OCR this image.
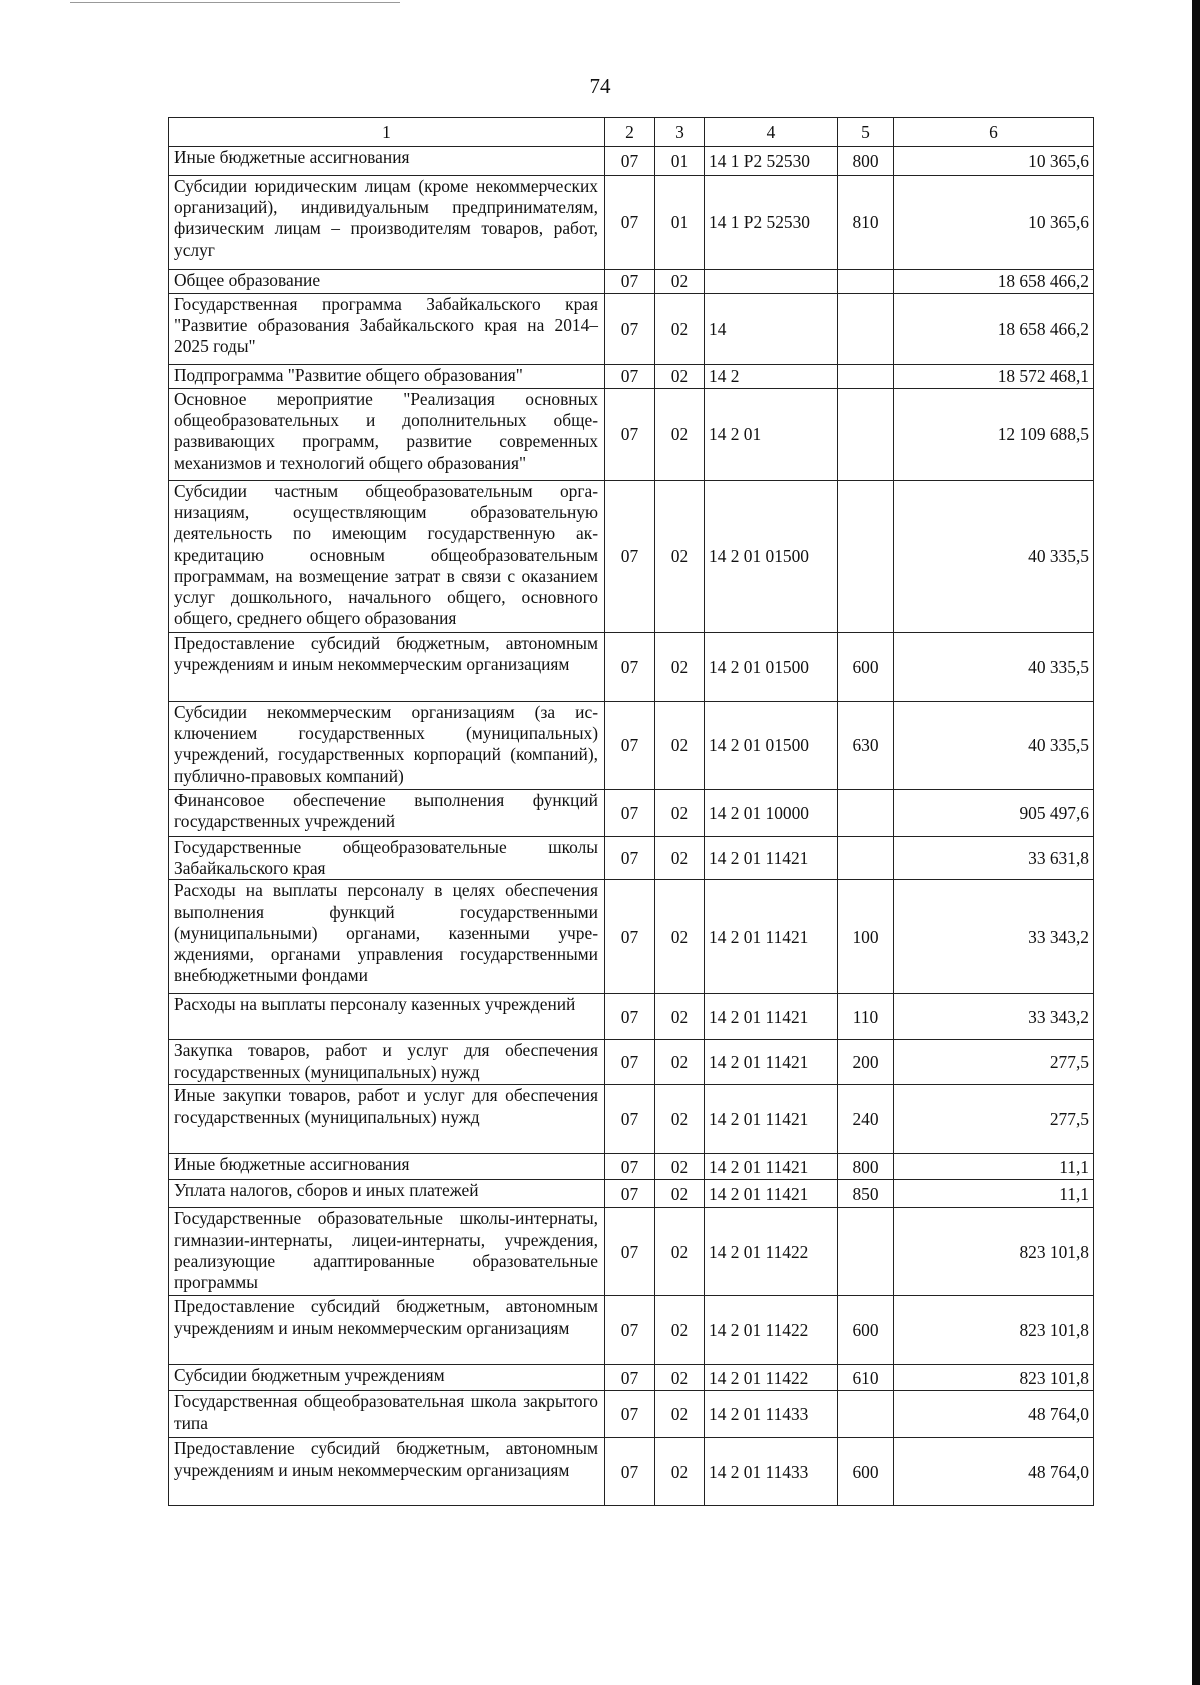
74
1	2	3	4	5	6
Иные бюджетные ассигнования	07	01	14 1 Р2 52530	800	10 365,6
Субсидии юридическим лицам (кроме некоммерческих организаций), индивидуальным предпринимателям, физическим лицам – производителям товаров, работ, услуг	07	01	14 1 Р2 52530	810	10 365,6
Общее образование	07	02			18 658 466,2
Государственная программа Забайкальского края "Развитие образования Забайкальского края на 2014–2025 годы"	07	02	14		18 658 466,2
Подпрограмма "Развитие общего образования"	07	02	14 2		18 572 468,1
Основное мероприятие "Реализация основных общеобразовательных и дополнительных общеразвивающих программ, развитие современных механизмов и технологий общего образования"	07	02	14 2 01		12 109 688,5
Субсидии частным общеобразовательным организациям, осуществляющим образовательную деятельность по имеющим государственную аккредитацию основным общеобразовательным программам, на возмещение затрат в связи с оказанием услуг дошкольного, начального общего, основного общего, среднего общего образования	07	02	14 2 01 01500		40 335,5
Предоставление субсидий бюджетным, автономным учреждениям и иным некоммерческим организациям	07	02	14 2 01 01500	600	40 335,5
Субсидии некоммерческим организациям (за исключением государственных (муниципальных) учреждений, государственных корпораций (компаний), публично-правовых компаний)	07	02	14 2 01 01500	630	40 335,5
Финансовое обеспечение выполнения функций государственных учреждений	07	02	14 2 01 10000		905 497,6
Государственные общеобразовательные школы Забайкальского края	07	02	14 2 01 11421		33 631,8
Расходы на выплаты персоналу в целях обеспечения выполнения функций государственными (муниципальными) органами, казенными учреждениями, органами управления государственными внебюджетными фондами	07	02	14 2 01 11421	100	33 343,2
Расходы на выплаты персоналу казенных учреждений	07	02	14 2 01 11421	110	33 343,2
Закупка товаров, работ и услуг для обеспечения государственных (муниципальных) нужд	07	02	14 2 01 11421	200	277,5
Иные закупки товаров, работ и услуг для обеспечения государственных (муниципальных) нужд	07	02	14 2 01 11421	240	277,5
Иные бюджетные ассигнования	07	02	14 2 01 11421	800	11,1
Уплата налогов, сборов и иных платежей	07	02	14 2 01 11421	850	11,1
Государственные образовательные школы-интернаты, гимназии-интернаты, лицеи-интернаты, учреждения, реализующие адаптированные образовательные программы	07	02	14 2 01 11422		823 101,8
Предоставление субсидий бюджетным, автономным учреждениям и иным некоммерческим организациям	07	02	14 2 01 11422	600	823 101,8
Субсидии бюджетным учреждениям	07	02	14 2 01 11422	610	823 101,8
Государственная общеобразовательная школа закрытого типа	07	02	14 2 01 11433		48 764,0
Предоставление субсидий бюджетным, автономным учреждениям и иным некоммерческим организациям	07	02	14 2 01 11433	600	48 764,0
